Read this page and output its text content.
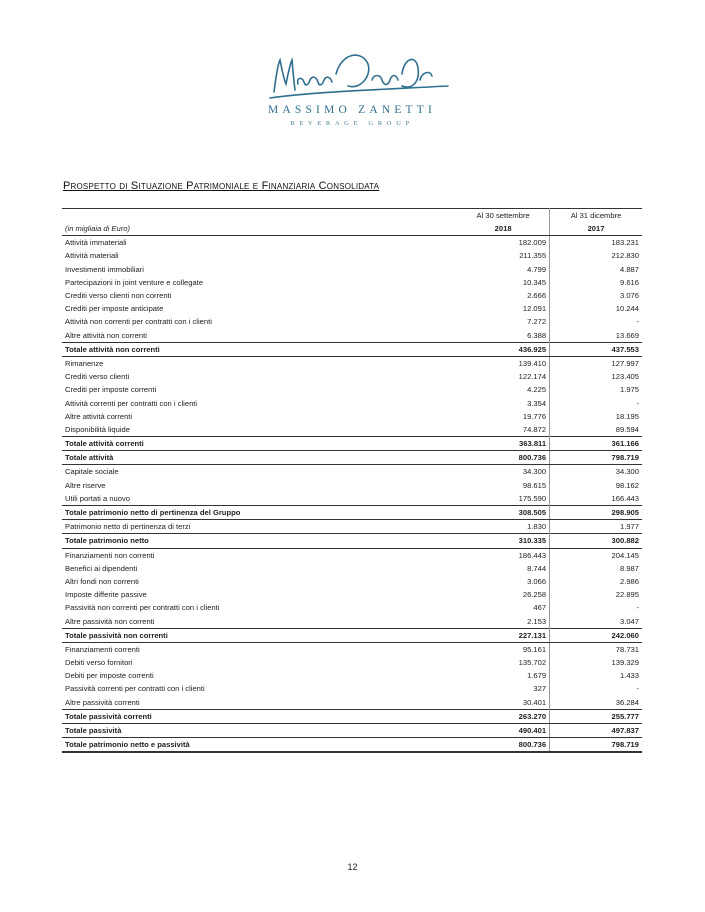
MASSIMO ZANETTI
BEVERAGE GROUP
Prospetto di Situazione Patrimoniale e Finanziaria Consolidata
	Al 30 settembre	Al 31 dicembre
(in migliaia di Euro)	2018	2017
Attività immateriali	182.009	183.231
Attività materiali	211.355	212.830
Investimenti immobiliari	4.799	4.887
Partecipazioni in joint venture e collegate	10.345	9.616
Crediti verso clienti non correnti	2.666	3.076
Crediti per imposte anticipate	12.091	10.244
Attività non correnti per contratti con i clienti	7.272	-
Altre attività non correnti	6.388	13.669
Totale attività non correnti	436.925	437.553
Rimanenze	139.410	127.997
Crediti verso clienti	122.174	123.405
Crediti per imposte correnti	4.225	1.975
Attività correnti per contratti con i clienti	3.354	-
Altre attività correnti	19.776	18.195
Disponibilità liquide	74.872	89.594
Totale attività correnti	363.811	361.166
Totale attività	800.736	798.719
Capitale sociale	34.300	34.300
Altre riserve	98.615	98.162
Utili portati a nuovo	175.590	166.443
Totale patrimonio netto di pertinenza del Gruppo	308.505	298.905
Patrimonio netto di pertinenza di terzi	1.830	1.977
Totale patrimonio netto	310.335	300.882
Finanziamenti non correnti	186.443	204.145
Benefici ai dipendenti	8.744	8.987
Altri fondi non correnti	3.066	2.986
Imposte differite passive	26.258	22.895
Passività non correnti per contratti con i clienti	467	-
Altre passività non correnti	2.153	3.047
Totale passività non correnti	227.131	242.060
Finanziamenti correnti	95.161	78.731
Debiti verso fornitori	135.702	139.329
Debiti per imposte correnti	1.679	1.433
Passività correnti per contratti con i clienti	327	-
Altre passività correnti	30.401	36.284
Totale passività correnti	263.270	255.777
Totale passività	490.401	497.837
Totale patrimonio netto e passività	800.736	798.719
12
